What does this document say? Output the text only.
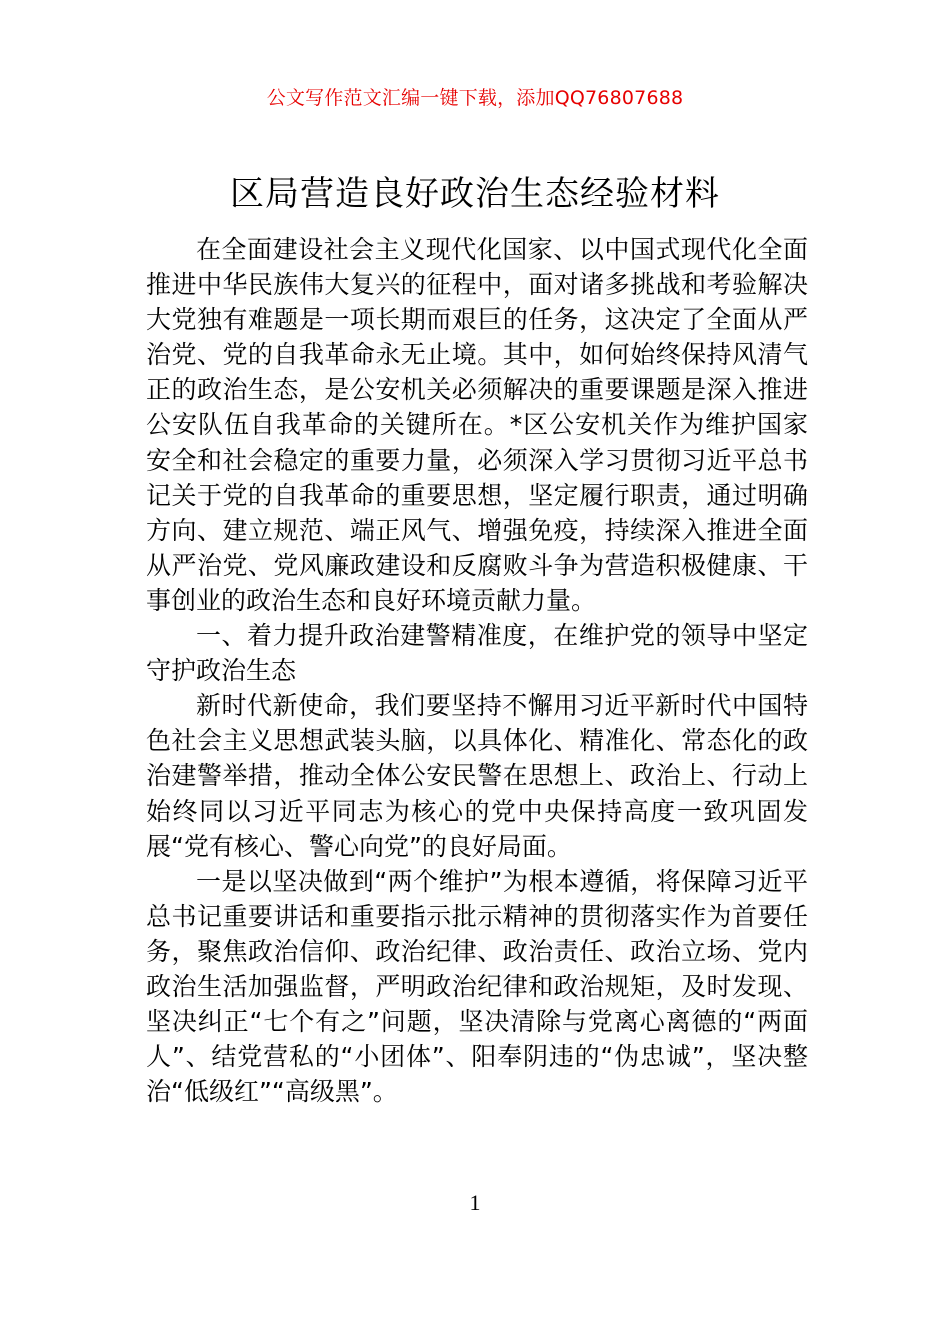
公文写作范文汇编一键下载，添加QQ76807688
区局营造良好政治生态经验材料

在全面建设社会主义现代化国家、以中国式现代化全面推进中华民族伟大复兴的征程中，面对诸多挑战和考验解决大党独有难题是一项长期而艰巨的任务，这决定了全面从严治党、党的自我革命永无止境。其中，如何始终保持风清气正的政治生态，是公安机关必须解决的重要课题是深入推进公安队伍自我革命的关键所在。*区公安机关作为维护国家安全和社会稳定的重要力量，必须深入学习贯彻习近平总书记关于党的自我革命的重要思想，坚定履行职责，通过明确方向、建立规范、端正风气、增强免疫，持续深入推进全面从严治党、党风廉政建设和反腐败斗争为营造积极健康、干事创业的政治生态和良好环境贡献力量。

一、着力提升政治建警精准度，在维护党的领导中坚定守护政治生态

新时代新使命，我们要坚持不懈用习近平新时代中国特色社会主义思想武装头脑，以具体化、精准化、常态化的政治建警举措，推动全体公安民警在思想上、政治上、行动上始终同以习近平同志为核心的党中央保持高度一致巩固发展“党有核心、警心向党”的良好局面。

一是以坚决做到“两个维护”为根本遵循，将保障习近平总书记重要讲话和重要指示批示精神的贯彻落实作为首要任务，聚焦政治信仰、政治纪律、政治责任、政治立场、党内政治生活加强监督，严明政治纪律和政治规矩，及时发现、坚决纠正“七个有之”问题，坚决清除与党离心离德的“两面人”、结党营私的“小团体”、阳奉阴违的“伪忠诚”，坚决整治“低级红”“高级黑”。

1
